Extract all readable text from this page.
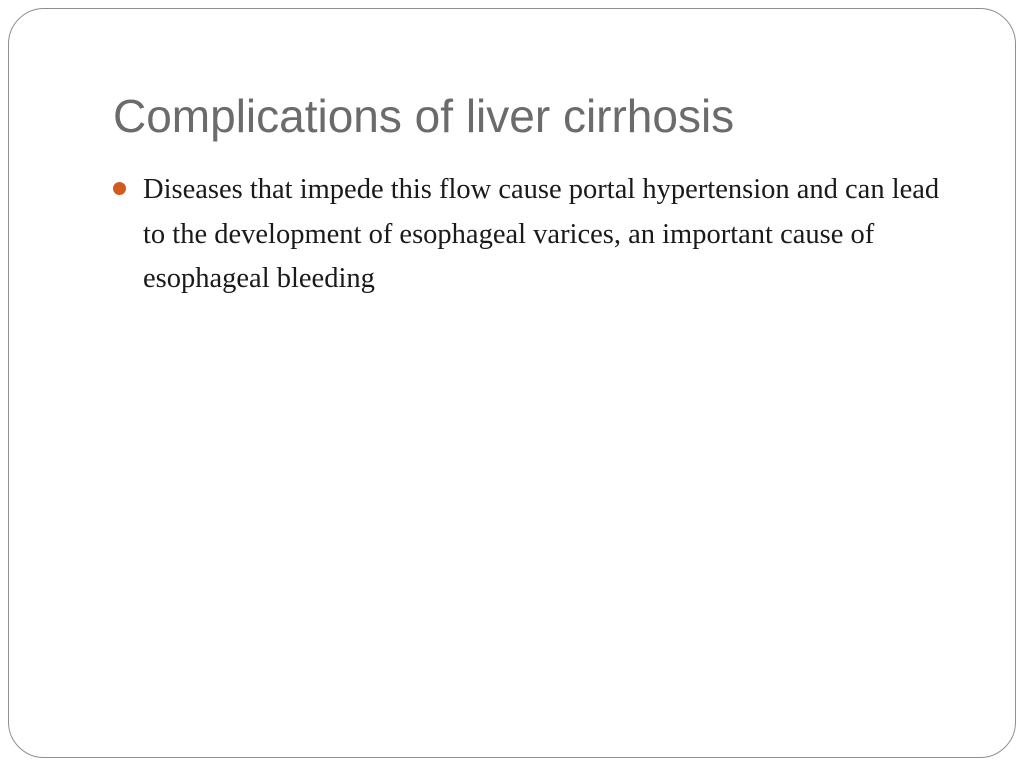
Complications of liver cirrhosis
Diseases that impede this flow cause portal hypertension and can lead to the development of esophageal varices, an important cause of esophageal bleeding
